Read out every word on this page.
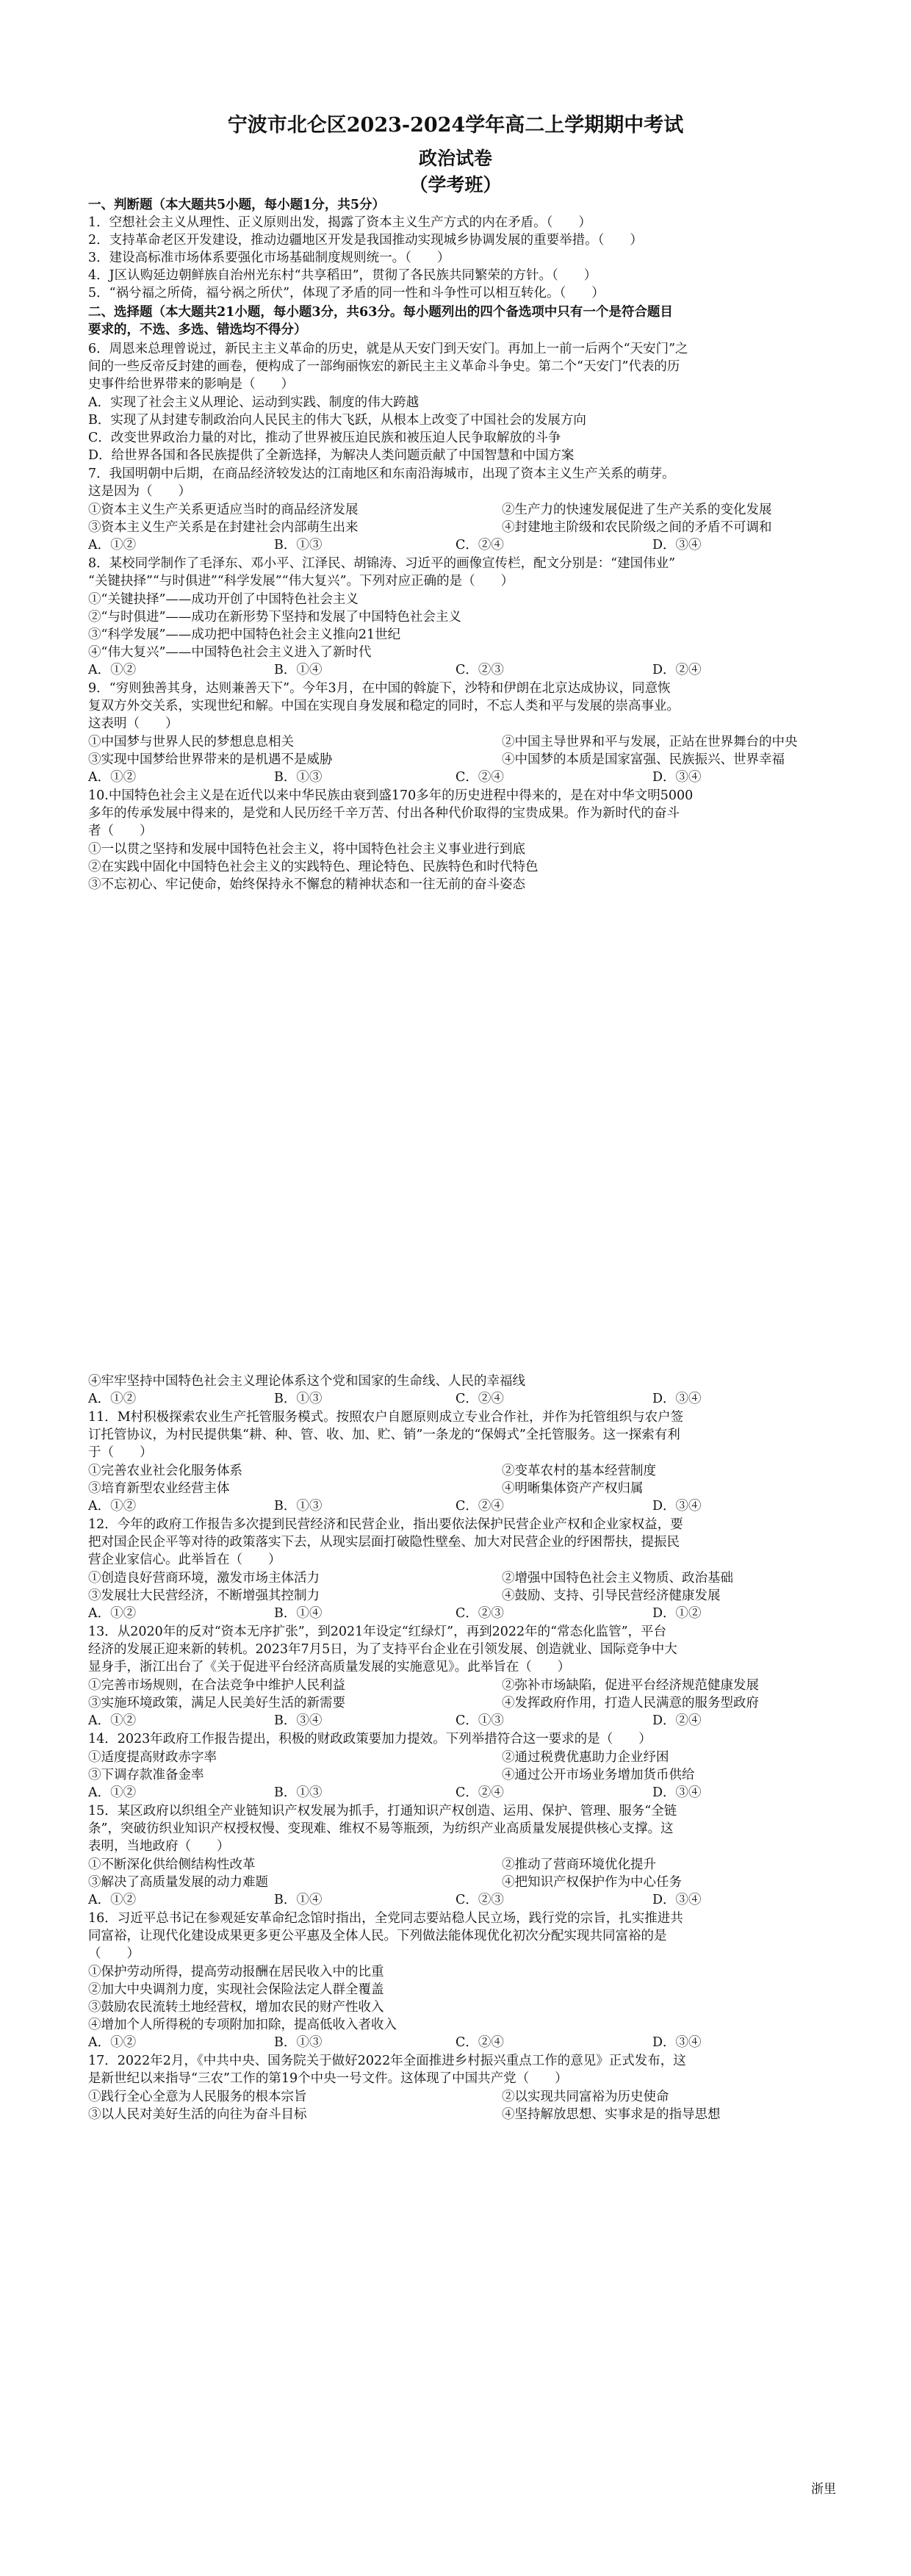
宁波市北仑区2023-2024学年高二上学期期中考试
政治试卷
（学考班）
一、判断题（本大题共5小题，每小题1分，共5分）
1．空想社会主义从理性、正义原则出发，揭露了资本主义生产方式的内在矛盾。（　　）
2．支持革命老区开发建设，推动边疆地区开发是我国推动实现城乡协调发展的重要举措。（　　）
3．建设高标准市场体系要强化市场基础制度规则统一。（　　）
4．J区认购延边朝鲜族自治州光东村“共享稻田”，贯彻了各民族共同繁荣的方针。（　　）
5．“祸兮福之所倚，福兮祸之所伏”，体现了矛盾的同一性和斗争性可以相互转化。（　　）
二、选择题（本大题共21小题，每小题3分，共63分。每小题列出的四个备选项中只有一个是符合题目
要求的，不选、多选、错选均不得分）
6．周恩来总理曾说过，新民主主义革命的历史，就是从天安门到天安门。再加上一前一后两个“天安门”之
间的一些反帝反封建的画卷，便构成了一部绚丽恢宏的新民主主义革命斗争史。第二个“天安门”代表的历
史事件给世界带来的影响是（　　）
A．实现了社会主义从理论、运动到实践、制度的伟大跨越
B．实现了从封建专制政治向人民民主的伟大飞跃，从根本上改变了中国社会的发展方向
C．改变世界政治力量的对比，推动了世界被压迫民族和被压迫人民争取解放的斗争
D．给世界各国和各民族提供了全新选择，为解决人类问题贡献了中国智慧和中国方案
7．我国明朝中后期，在商品经济较发达的江南地区和东南沿海城市，出现了资本主义生产关系的萌芽。
这是因为（　　）
①资本主义生产关系更适应当时的商品经济发展	②生产力的快速发展促进了生产关系的变化发展
③资本主义生产关系是在封建社会内部萌生出来	④封建地主阶级和农民阶级之间的矛盾不可调和
A．①②	B．①③	C．②④	D．③④
8．某校同学制作了毛泽东、邓小平、江泽民、胡锦涛、习近平的画像宣传栏，配文分别是：“建国伟业”
“关键抉择”“与时俱进”“科学发展”“伟大复兴”。下列对应正确的是（　　）
①“关键抉择”——成功开创了中国特色社会主义
②“与时俱进”——成功在新形势下坚持和发展了中国特色社会主义
③“科学发展”——成功把中国特色社会主义推向21世纪
④“伟大复兴”——中国特色社会主义进入了新时代
A．①②	B．①④	C．②③	D．②④
9．“穷则独善其身，达则兼善天下”。今年3月，在中国的斡旋下，沙特和伊朗在北京达成协议，同意恢
复双方外交关系，实现世纪和解。中国在实现自身发展和稳定的同时，不忘人类和平与发展的崇高事业。
这表明（　　）
①中国梦与世界人民的梦想息息相关	②中国主导世界和平与发展，正站在世界舞台的中央
③实现中国梦给世界带来的是机遇不是威胁	④中国梦的本质是国家富强、民族振兴、世界幸福
A．①②	B．①③	C．②④	D．③④
10.中国特色社会主义是在近代以来中华民族由衰到盛170多年的历史进程中得来的，是在对中华文明5000
多年的传承发展中得来的，是党和人民历经千辛万苦、付出各种代价取得的宝贵成果。作为新时代的奋斗
者（　　）
①一以贯之坚持和发展中国特色社会主义，将中国特色社会主义事业进行到底
②在实践中固化中国特色社会主义的实践特色、理论特色、民族特色和时代特色
③不忘初心、牢记使命，始终保持永不懈怠的精神状态和一往无前的奋斗姿态
④牢牢坚持中国特色社会主义理论体系这个党和国家的生命线、人民的幸福线
A．①②	B．①③	C．②④	D．③④
11．M村积极探索农业生产托管服务模式。按照农户自愿原则成立专业合作社，并作为托管组织与农户签
订托管协议，为村民提供集“耕、种、管、收、加、贮、销”一条龙的“保姆式”全托管服务。这一探索有利
于（　　）
①完善农业社会化服务体系	②变革农村的基本经营制度
③培育新型农业经营主体	④明晰集体资产产权归属
A．①②	B．①③	C．②④	D．③④
12．今年的政府工作报告多次提到民营经济和民营企业，指出要依法保护民营企业产权和企业家权益，要
把对国企民企平等对待的政策落实下去，从现实层面打破隐性壁垒、加大对民营企业的纾困帮扶，提振民
营企业家信心。此举旨在（　　）
①创造良好营商环境，激发市场主体活力	②增强中国特色社会主义物质、政治基础
③发展壮大民营经济，不断增强其控制力	④鼓励、支持、引导民营经济健康发展
A．①②	B．①④	C．②③	D．①②
13．从2020年的反对“资本无序扩张”，到2021年设定“红绿灯”，再到2022年的“常态化监管”，平台
经济的发展正迎来新的转机。2023年7月5日，为了支持平台企业在引领发展、创造就业、国际竞争中大
显身手，浙江出台了《关于促进平台经济高质量发展的实施意见》。此举旨在（　　）
①完善市场规则，在合法竞争中维护人民利益	②弥补市场缺陷，促进平台经济规范健康发展
③实施环境政策，满足人民美好生活的新需要	④发挥政府作用，打造人民满意的服务型政府
A．①②	B．③④	C．①③	D．②④
14．2023年政府工作报告提出，积极的财政政策要加力提效。下列举措符合这一要求的是（　　）
①适度提高财政赤字率	②通过税费优惠助力企业纾困
③下调存款准备金率	④通过公开市场业务增加货币供给
A．①②	B．①③	C．②④	D．③④
15．某区政府以织组全产业链知识产权发展为抓手，打通知识产权创造、运用、保护、管理、服务“全链
条”，突破彷织业知识产权授权慢、变现难、维权不易等瓶颈，为纺织产业高质量发展提供核心支撑。这
表明，当地政府（　　）
①不断深化供给侧结构性改革	②推动了营商环境优化提升
③解决了高质量发展的动力难题	④把知识产权保护作为中心任务
A．①②	B．①④	C．②③	D．③④
16．习近平总书记在参观延安革命纪念馆时指出，全党同志要站稳人民立场，践行党的宗旨，扎实推进共
同富裕，让现代化建设成果更多更公平惠及全体人民。下列做法能体现优化初次分配实现共同富裕的是
（　　）
①保护劳动所得，提高劳动报酬在居民收入中的比重
②加大中央调剂力度，实现社会保险法定人群全覆盖
③鼓励农民流转土地经营权，增加农民的财产性收入
④增加个人所得税的专项附加扣除，提高低收入者收入
A．①②	B．①③	C．②④	D．③④
17．2022年2月，《中共中央、国务院关于做好2022年全面推进乡村振兴重点工作的意见》正式发布，这
是新世纪以来指导“三农”工作的第19个中央一号文件。这体现了中国共产党（　　）
①践行全心全意为人民服务的根本宗旨	②以实现共同富裕为历史使命
③以人民对美好生活的向往为奋斗目标	④坚持解放思想、实事求是的指导思想
浙里
